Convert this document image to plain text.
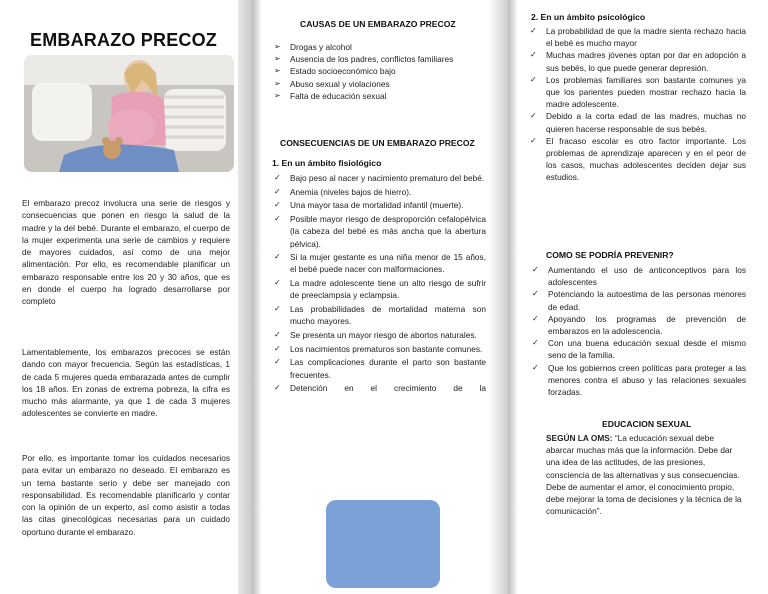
EMBARAZO PRECOZ
El embarazo precoz involucra una serie de riesgos y consecuencias que ponen en riesgo la salud de la madre y la del bebé. Durante el embarazo, el cuerpo de la mujer experimenta una serie de cambios y requiere de mayores cuidados, así como de una mejor alimentación. Por ello, es recomendable planificar un embarazo responsable entre los 20 y 30 años, que es en donde el cuerpo ha logrado desarrollarse por completo
Lamentablemente, los embarazos precoces se están dando con mayor frecuencia. Según las estadísticas, 1 de cada 5 mujeres queda embarazada antes de cumplir los 18 años. En zonas de extrema pobreza, la cifra es mucho más alarmante, ya que 1 de cada 3 mujeres adolescentes se convierte en madre.
Por ello, es importante tomar los cuidados necesarios para evitar un embarazo no deseado. El embarazo es un tema bastante serio y debe ser manejado con responsabilidad. Es recomendable planificarlo y contar con la opinión de un experto, así como asistir a todas las citas ginecológicas necesarias para un cuidado oportuno durante el embarazo.
CAUSAS DE UN EMBARAZO PRECOZ
➢ Drogas y alcohol
➢ Ausencia de los padres, conflictos familiares
➢ Estado socioeconómico bajo
➢ Abuso sexual y violaciones
➢ Falta de educación sexual
CONSECUENCIAS DE UN EMBARAZO PRECOZ
1. En un ámbito fisiológico
✓ Bajo peso al nacer y nacimiento prematuro del bebé.
✓ Anemia (niveles bajos de hierro).
✓ Una mayor tasa de mortalidad infantil (muerte).
✓ Posible mayor riesgo de desproporción cefalopélvica (la cabeza del bebé es más ancha que la abertura pélvica).
✓ Si la mujer gestante es una niña menor de 15 años, el bebé puede nacer con malformaciones.
✓ La madre adolescente tiene un alto riesgo de sufrir de preeclampsia y eclampsia.
✓ Las probabilidades de mortalidad materna son mucho mayores.
✓ Se presenta un mayor riesgo de abortos naturales.
✓ Los nacimientos prematuros son bastante comunes.
✓ Las complicaciones durante el parto son bastante frecuentes.
✓ Detención en el crecimiento de la
2. En un ámbito psicológico
✓ La probabilidad de que la madre sienta rechazo hacia el bebé es mucho mayor
✓ Muchas madres jóvenes optan por dar en adopción a sus bebés, lo que puede generar depresión.
✓ Los problemas familiares son bastante comunes ya que los parientes pueden mostrar rechazo hacia la madre adolescente.
✓ Debido a la corta edad de las madres, muchas no quieren hacerse responsable de sus bebés.
✓ El fracaso escolar es otro factor importante. Los problemas de aprendizaje aparecen y en el peor de los casos, muchas adolescentes deciden dejar sus estudios.
COMO SE PODRÍA PREVENIR?
✓ Aumentando el uso de anticonceptivos para los adolescentes
✓ Potenciando la autoestima de las personas menores de edad.
✓ Apoyando los programas de prevención de embarazos en la adolescencia.
✓ Con una buena educación sexual desde el mismo seno de la familia.
✓ Que los gobiernos creen políticas para proteger a las menores contra el abuso y las relaciones sexuales forzadas.
EDUCACION SEXUAL
SEGÚN LA OMS: “La educación sexual debe abarcar muchas más que la información. Debe dar una idea de las actitudes, de las presiones, consciencia de las alternativas y sus consecuencias. Debe de aumentar el amor, el conocimiento propio, debe mejorar la toma de decisiones y la técnica de la comunicación”.
